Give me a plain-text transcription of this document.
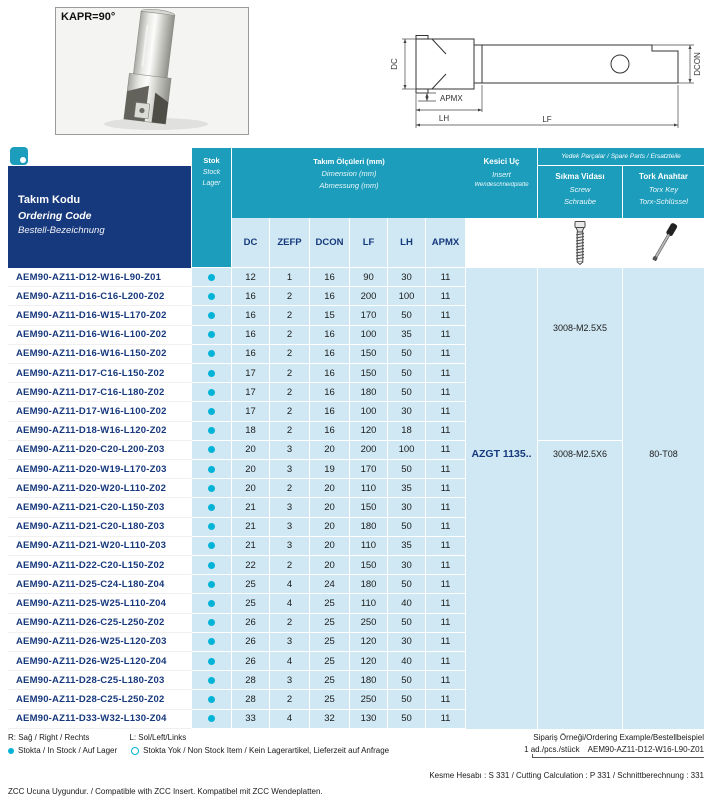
KAPR=90°
DC	DCON
APMX
LH	LF
Takım Kodu
Ordering Code
Bestell-Bezeichnung
Stok
Stock
Lager
Takım Ölçüleri (mm)
Dimension (mm)
Abmessung (mm)
DC	ZEFP	DCON	LF	LH	APMX
AEM90-AZ11-D12-W16-L90-Z01	12	1	16	90	30	11
AEM90-AZ11-D16-C16-L200-Z02	16	2	16	200	100	11
AEM90-AZ11-D16-W15-L170-Z02	16	2	15	170	50	11
AEM90-AZ11-D16-W16-L100-Z02	16	2	16	100	35	11
AEM90-AZ11-D16-W16-L150-Z02	16	2	16	150	50	11
AEM90-AZ11-D17-C16-L150-Z02	17	2	16	150	50	11
AEM90-AZ11-D17-C16-L180-Z02	17	2	16	180	50	11
AEM90-AZ11-D17-W16-L100-Z02	17	2	16	100	30	11
AEM90-AZ11-D18-W16-L120-Z02	18	2	16	120	18	11
AEM90-AZ11-D20-C20-L200-Z03	20	3	20	200	100	11
AEM90-AZ11-D20-W19-L170-Z03	20	3	19	170	50	11
AEM90-AZ11-D20-W20-L110-Z02	20	2	20	110	35	11
AEM90-AZ11-D21-C20-L150-Z03	21	3	20	150	30	11
AEM90-AZ11-D21-C20-L180-Z03	21	3	20	180	50	11
AEM90-AZ11-D21-W20-L110-Z03	21	3	20	110	35	11
AEM90-AZ11-D22-C20-L150-Z02	22	2	20	150	30	11
AEM90-AZ11-D25-C24-L180-Z04	25	4	24	180	50	11
AEM90-AZ11-D25-W25-L110-Z04	25	4	25	110	40	11
AEM90-AZ11-D26-C25-L250-Z02	26	2	25	250	50	11
AEM90-AZ11-D26-W25-L120-Z03	26	3	25	120	30	11
AEM90-AZ11-D26-W25-L120-Z04	26	4	25	120	40	11
AEM90-AZ11-D28-C25-L180-Z03	28	3	25	180	50	11
AEM90-AZ11-D28-C25-L250-Z02	28	2	25	250	50	11
AEM90-AZ11-D33-W32-L130-Z04	33	4	32	130	50	11
Kesici Uç
Insert
Wendeschneidplatte
AZGT 1135..
Yedek Parçalar / Spare Parts / Ersatzteile
Sıkma Vidası
Screw
Schraube
3008-M2.5X5
3008-M2.5X6
Tork Anahtar
Torx Key
Torx-Schlüssel
80-T08
R: Sağ / Right / Rechts	L: Sol/Left/Links
Stokta / In Stock / Auf Lager	Stokta Yok / Non Stock Item / Kein Lagerartikel, Lieferzeit auf Anfrage
ZCC Ucuna Uygundur. / Compatible with ZCC Insert. Kompatibel mit ZCC Wendeplatten.
Sipariş Örneği/Ordering Example/Bestellbeispiel
1 ad./pcs./stück AEM90-AZ11-D12-W16-L90-Z01
Kesme Hesabı : S 331 / Cutting Calculation : P 331 / Schnittberechnung : 331
